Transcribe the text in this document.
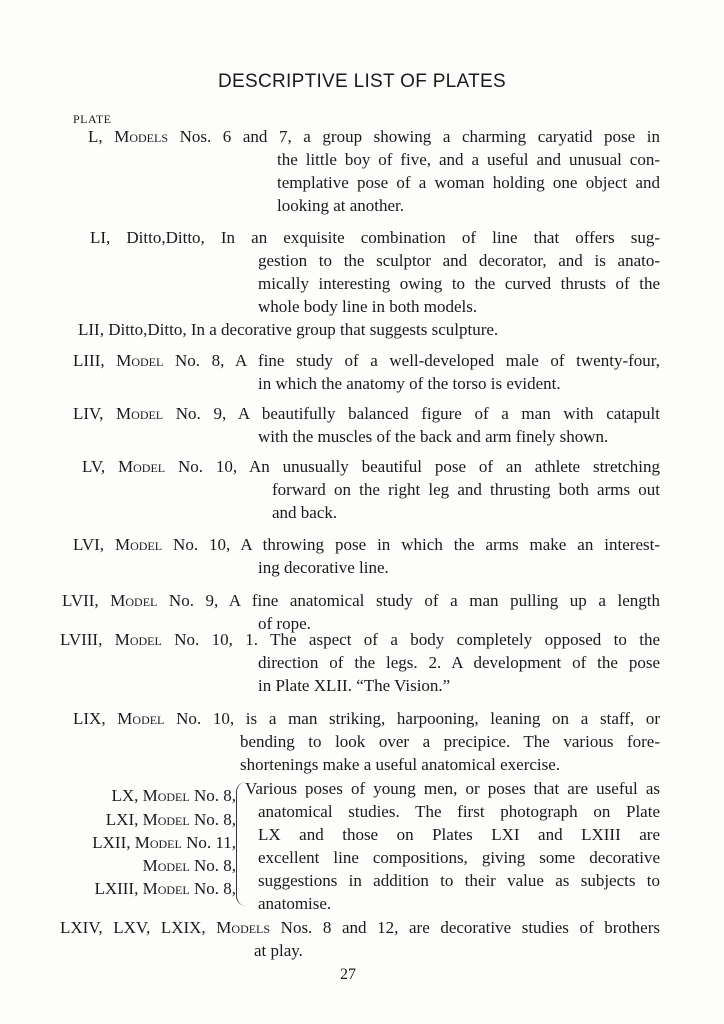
DESCRIPTIVE LIST OF PLATES
PLATE
L, Models Nos. 6 and 7, a group showing a charming caryatid pose in
the little boy of five, and a useful and unusual con-
templative pose of a woman holding one object and
looking at another.
LI, Ditto,Ditto, In an exquisite combination of line that offers sug-
gestion to the sculptor and decorator, and is anato-
mically interesting owing to the curved thrusts of the
whole body line in both models.
LII, Ditto,Ditto, In a decorative group that suggests sculpture.
LIII, Model No. 8, A fine study of a well-developed male of twenty-four,
in which the anatomy of the torso is evident.
LIV, Model No. 9, A beautifully balanced figure of a man with catapult
with the muscles of the back and arm finely shown.
LV, Model No. 10, An unusually beautiful pose of an athlete stretching
forward on the right leg and thrusting both arms out
and back.
LVI, Model No. 10, A throwing pose in which the arms make an interest-
ing decorative line.
LVII, Model No. 9, A fine anatomical study of a man pulling up a length
of rope.
LVIII, Model No. 10, 1. The aspect of a body completely opposed to the
direction of the legs. 2. A development of the pose
in Plate XLII. “The Vision.”
LIX, Model No. 10, is a man striking, harpooning, leaning on a staff, or
bending to look over a precipice. The various fore-
shortenings make a useful anatomical exercise.
LX, Model No. 8,
LXI, Model No. 8,
LXII, Model No. 11,
Model No. 8,
LXIII, Model No. 8,
Various poses of young men, or poses that are useful as
anatomical studies. The first photograph on Plate
LX and those on Plates LXI and LXIII are
excellent line compositions, giving some decorative
suggestions in addition to their value as subjects to
anatomise.
LXIV, LXV, LXIX, Models Nos. 8 and 12, are decorative studies of brothers
at play.
27
